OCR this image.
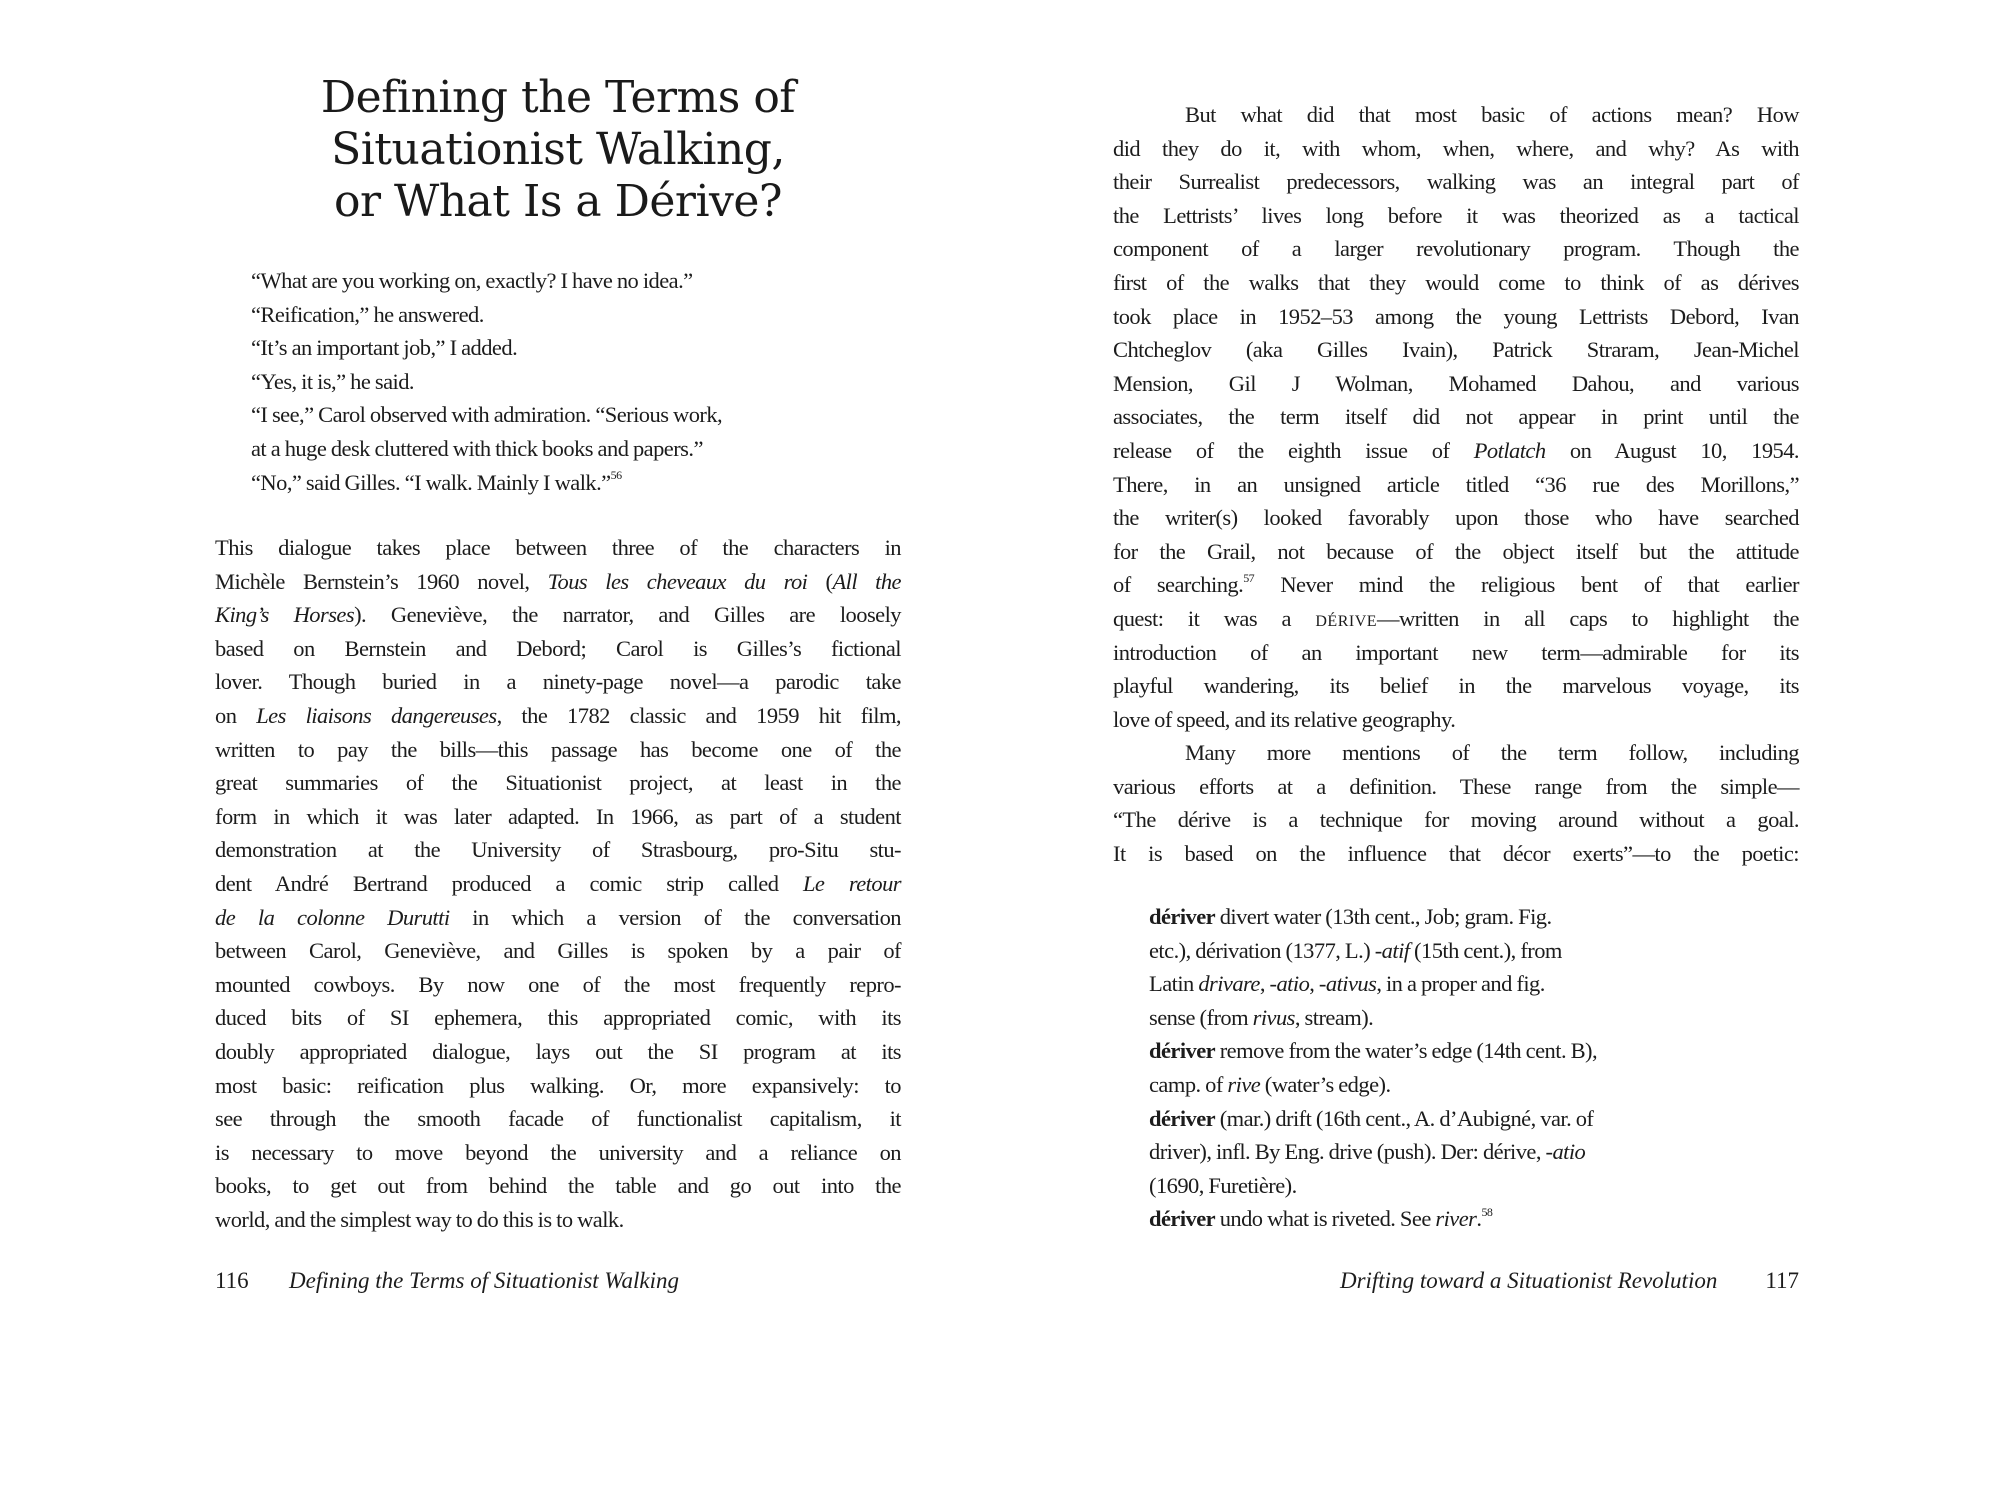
Defining the Terms of
Situationist Walking,
or What Is a Dérive?
“What are you working on, exactly? I have no idea.”
“Reification,” he answered.
“It’s an important job,” I added.
“Yes, it is,” he said.
“I see,” Carol observed with admiration. “Serious work,
at a huge desk cluttered with thick books and papers.”
“No,” said Gilles. “I walk. Mainly I walk.”$^{56}$
This dialogue takes place between three of the characters in
Michèle Bernstein’s 1960 novel, Tous les cheveaux du roi (All the
King’s Horses). Geneviève, the narrator, and Gilles are loosely
based on Bernstein and Debord; Carol is Gilles’s fictional
lover. Though buried in a ninety-page novel—a parodic take
on Les liaisons dangereuses, the 1782 classic and 1959 hit film,
written to pay the bills—this passage has become one of the
great summaries of the Situationist project, at least in the
form in which it was later adapted. In 1966, as part of a student
demonstration at the University of Strasbourg, pro-Situ stu-
dent André Bertrand produced a comic strip called Le retour
de la colonne Durutti in which a version of the conversation
between Carol, Geneviève, and Gilles is spoken by a pair of
mounted cowboys. By now one of the most frequently repro-
duced bits of SI ephemera, this appropriated comic, with its
doubly appropriated dialogue, lays out the SI program at its
most basic: reification plus walking. Or, more expansively: to
see through the smooth facade of functionalist capitalism, it
is necessary to move beyond the university and a reliance on
books, to get out from behind the table and go out into the
world, and the simplest way to do this is to walk.
116 Defining the Terms of Situationist Walking
But what did that most basic of actions mean? How
did they do it, with whom, when, where, and why? As with
their Surrealist predecessors, walking was an integral part of
the Lettrists’ lives long before it was theorized as a tactical
component of a larger revolutionary program. Though the
first of the walks that they would come to think of as dérives
took place in 1952–53 among the young Lettrists Debord, Ivan
Chtcheglov (aka Gilles Ivain), Patrick Straram, Jean-Michel
Mension, Gil J Wolman, Mohamed Dahou, and various
associates, the term itself did not appear in print until the
release of the eighth issue of Potlatch on August 10, 1954.
There, in an unsigned article titled “36 rue des Morillons,”
the writer(s) looked favorably upon those who have searched
for the Grail, not because of the object itself but the attitude
of searching.$^{57}$ Never mind the religious bent of that earlier
quest: it was a dérive—written in all caps to highlight the
introduction of an important new term—admirable for its
playful wandering, its belief in the marvelous voyage, its
love of speed, and its relative geography.
Many more mentions of the term follow, including
various efforts at a definition. These range from the simple—
“The dérive is a technique for moving around without a goal.
It is based on the influence that décor exerts”—to the poetic:
dériver divert water (13th cent., Job; gram. Fig.
etc.), dérivation (1377, L.) -atif (15th cent.), from
Latin drivare, -atio, -ativus, in a proper and fig.
sense (from rivus, stream).
dériver remove from the water’s edge (14th cent. B),
camp. of rive (water’s edge).
dériver (mar.) drift (16th cent., A. d’Aubigné, var. of
driver), infl. By Eng. drive (push). Der: dérive, -atio
(1690, Furetière).
dériver undo what is riveted. See river.$^{58}$
Drifting toward a Situationist Revolution 117
